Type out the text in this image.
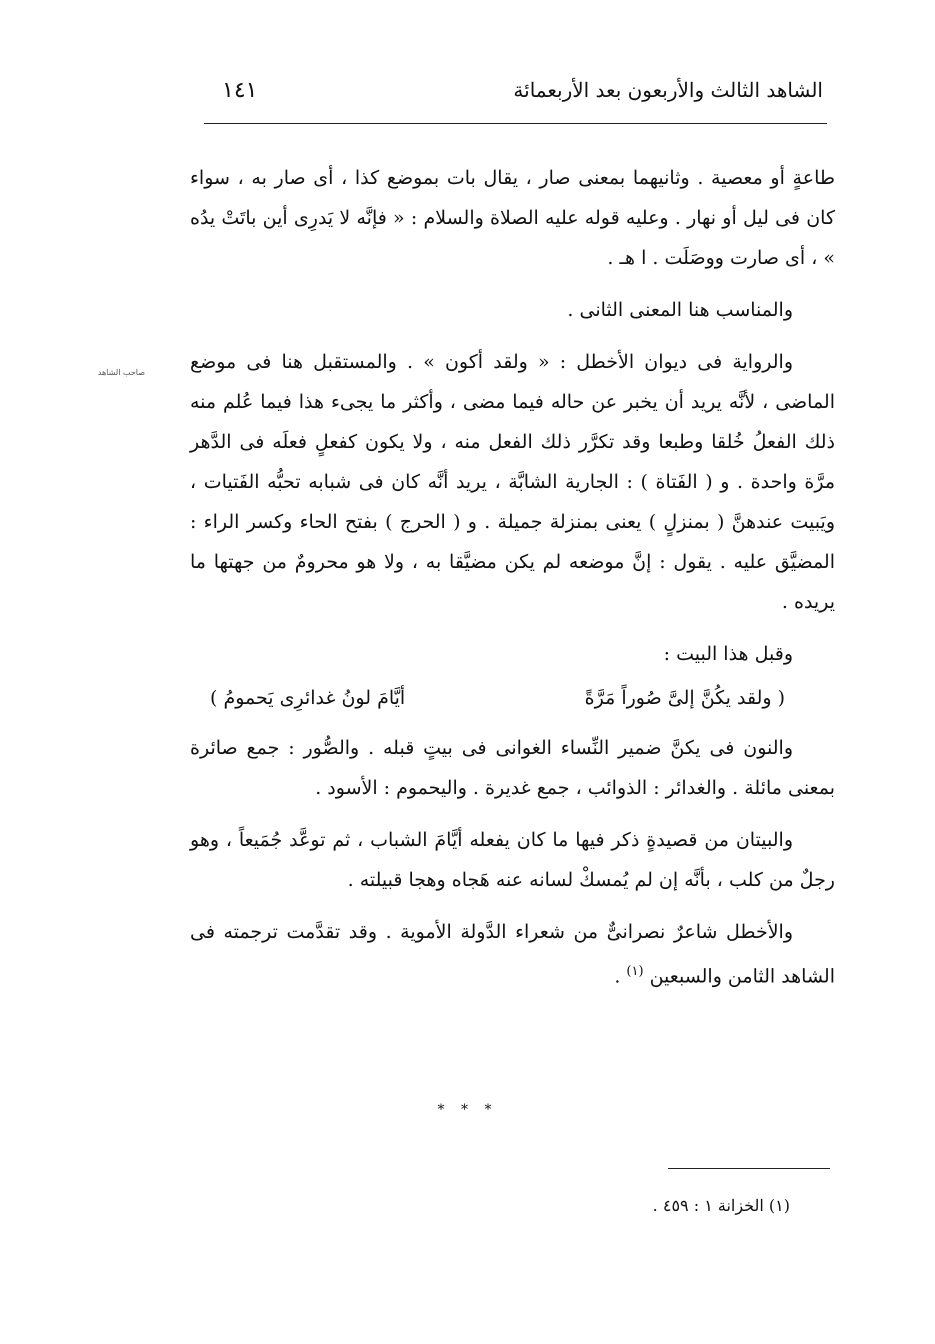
١٤١	الشاهد الثالث والأربعون بعد الأربعمائة
صاحب الشاهد

طاعةٍ أو معصية . وثانيهما بمعنى صار ، يقال بات بموضع كذا ، أى صار به ، سواء كان فى ليل أو نهار . وعليه قوله عليه الصلاة والسلام : « فإنَّه لا يَدرِى أين باتَتْ يدُه » ، أى صارت ووصَلَت . ا هـ .

والمناسب هنا المعنى الثانى .

والرواية فى ديوان الأخطل : « ولقد أكون » . والمستقبل هنا فى موضع الماضى ، لأنَّه يريد أن يخبر عن حاله فيما مضى ، وأكثر ما يجىء هذا فيما عُلم منه ذلك الفعلُ خُلقا وطبعا وقد تكرَّر ذلك الفعل منه ، ولا يكون كفعلٍ فعلَه فى الدَّهر مرَّة واحدة . و ( الفَتاة ) : الجارية الشابَّة ، يريد أنَّه كان فى شبابه تحبُّه الفَتيات ، ويَبيت عندهنَّ ( بمنزلٍ ) يعنى بمنزلة جميلة . و ( الحرج ) بفتح الحاء وكسر الراء : المضيَّق عليه . يقول : إنَّ موضعه لم يكن مضيَّقا به ، ولا هو محرومٌ من جهتها ما يريده .

وقبل هذا البيت :

( ولقد يكُنَّ إلىَّ صُوراً مَرَّةً
أيَّامَ لونُ غدائرِى يَحمومُ )

والنون فى يكنَّ ضمير النِّساء الغوانى فى بيتٍ قبله . والصُّور : جمع صائرة بمعنى مائلة . والغدائر : الذوائب ، جمع غديرة . واليحموم : الأسود .

والبيتان من قصيدةٍ ذكر فيها ما كان يفعله أيَّامَ الشباب ، ثم توعَّد جُمَيعاً ، وهو رجلٌ من كلب ، بأنَّه إن لم يُمسكْ لسانه عنه هَجاه وهجا قبيلته .

والأخطل شاعرٌ نصرانىٌّ من شعراء الدَّولة الأموية . وقد تقدَّمت ترجمته فى الشاهد الثامن والسبعين $^{(١)}$ .

* * *
(١) الخزانة ١ : ٤٥٩ .
